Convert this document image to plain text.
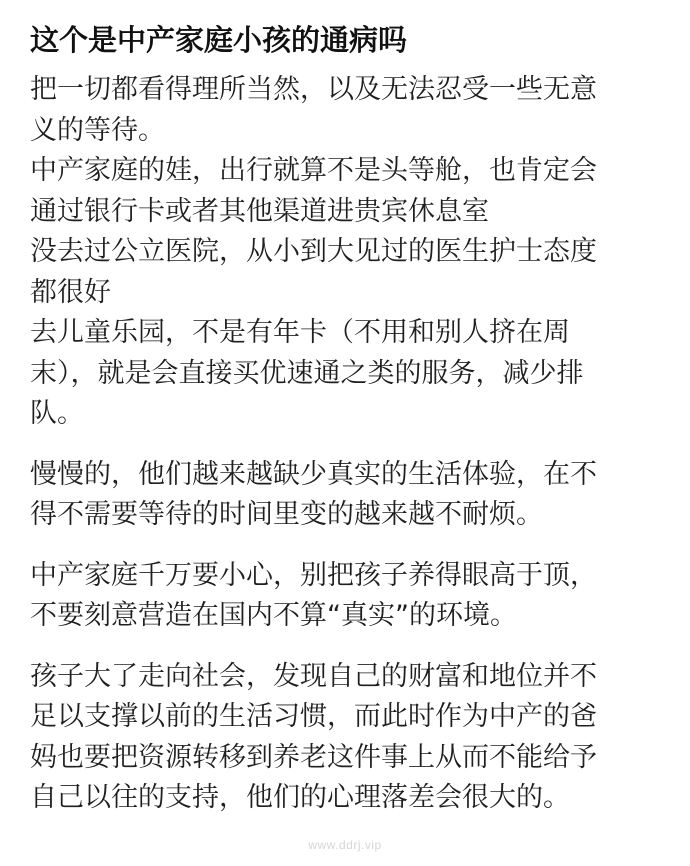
这个是中产家庭小孩的通病吗
把一切都看得理所当然，以及无法忍受一些无意
义的等待。
中产家庭的娃，出行就算不是头等舱，也肯定会
通过银行卡或者其他渠道进贵宾休息室
没去过公立医院，从小到大见过的医生护士态度
都很好
去儿童乐园，不是有年卡（不用和别人挤在周
末），就是会直接买优速通之类的服务，减少排
队。
慢慢的，他们越来越缺少真实的生活体验，在不
得不需要等待的时间里变的越来越不耐烦。
中产家庭千万要小心，别把孩子养得眼高于顶，
不要刻意营造在国内不算“真实”的环境。
孩子大了走向社会，发现自己的财富和地位并不
足以支撑以前的生活习惯，而此时作为中产的爸
妈也要把资源转移到养老这件事上从而不能给予
自己以往的支持，他们的心理落差会很大的。
www.ddrj.vip
